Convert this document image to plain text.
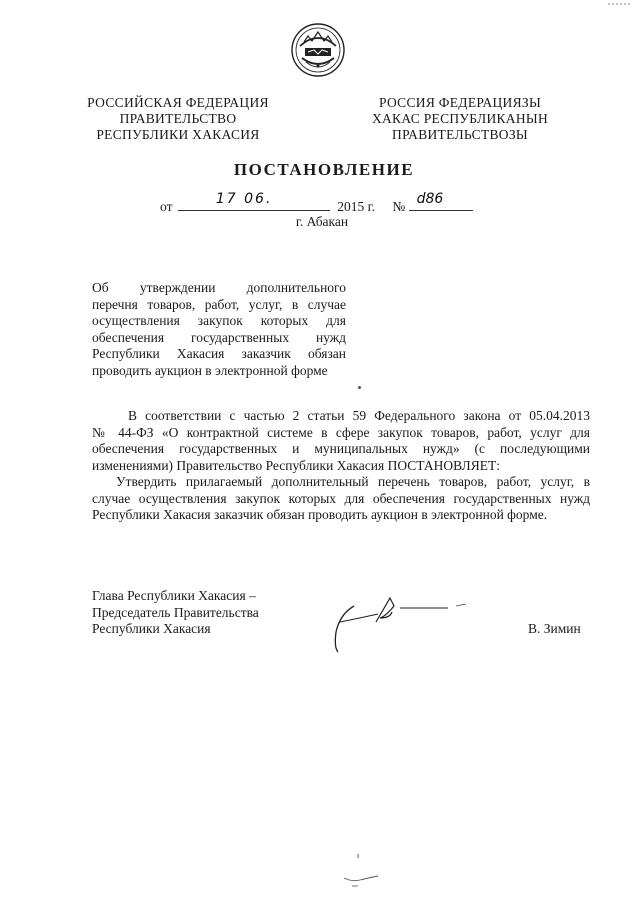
РОССИЙСКАЯ ФЕДЕРАЦИЯ
ПРАВИТЕЛЬСТВО
РЕСПУБЛИКИ ХАКАСИЯ
РОССИЯ ФЕДЕРАЦИЯЗЫ
ХАКАС РЕСПУБЛИКАНЫН
ПРАВИТЕЛЬСТВОЗЫ
ПОСТАНОВЛЕНИЕ
от	17 06.	2015 г. № d86
г. Абакан
Об утверждении дополнительного
перечня товаров, работ, услуг, в случае
осуществления закупок которых для
обеспечения государственных нужд
Республики Хакасия заказчик обязан
проводить аукцион в электронной форме
В соответствии с частью 2 статьи 59 Федерального закона от 05.04.2013
№ 44-ФЗ «О контрактной системе в сфере закупок товаров, работ, услуг для
обеспечения государственных и муниципальных нужд» (с последующими
изменениями) Правительство Республики Хакасия ПОСТАНОВЛЯЕТ:
Утвердить прилагаемый дополнительный перечень товаров, работ, услуг, в
случае осуществления закупок которых для обеспечения государственных нужд
Республики Хакасия заказчик обязан проводить аукцион в электронной форме.
Глава Республики Хакасия –
Председатель Правительства
Республики Хакасия	В. Зимин
